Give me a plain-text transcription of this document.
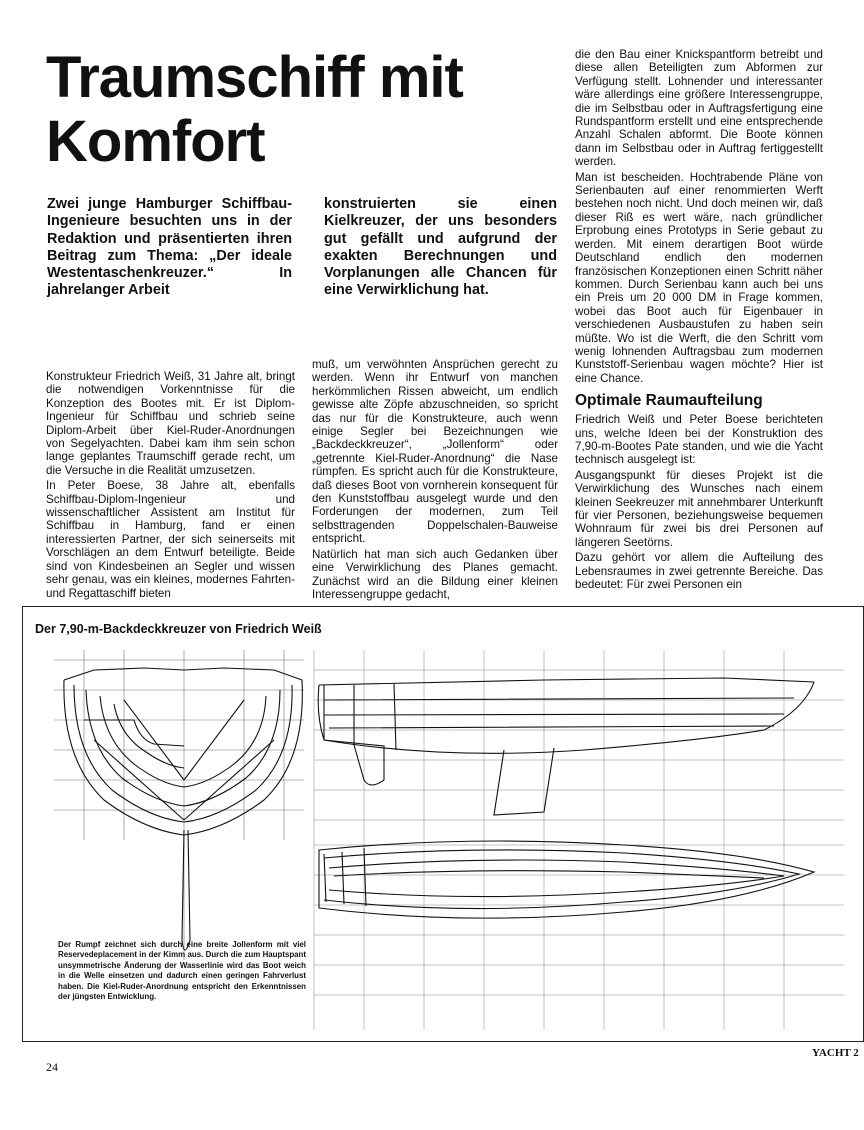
Traumschiff mit
Komfort

Zwei junge Hamburger Schiffbau-Ingenieure besuchten uns in der Redaktion und präsentierten ihren Beitrag zum Thema: „Der ideale Westentaschenkreuzer.“ In jahrelanger Arbeit

konstruierten sie einen Kielkreuzer, der uns besonders gut gefällt und aufgrund der exakten Berechnungen und Vorplanungen alle Chancen für eine Verwirklichung hat.

Konstrukteur Friedrich Weiß, 31 Jahre alt, bringt die notwendigen Vorkenntnisse für die Konzeption des Bootes mit. Er ist Diplom-Ingenieur für Schiffbau und schrieb seine Diplom-Arbeit über Kiel-Ruder-Anordnungen von Segelyachten. Dabei kam ihm sein schon lange geplantes Traumschiff gerade recht, um die Versuche in die Realität umzusetzen.

In Peter Boese, 38 Jahre alt, ebenfalls Schiffbau-Diplom-Ingenieur und wissenschaftlicher Assistent am Institut für Schiffbau in Hamburg, fand er einen interessierten Partner, der sich seinerseits mit Vorschlägen an dem Entwurf beteiligte. Beide sind von Kindesbeinen an Segler und wissen sehr genau, was ein kleines, modernes Fahrten- und Regattaschiff bieten

muß, um verwöhnten Ansprüchen gerecht zu werden. Wenn ihr Entwurf von manchen herkömmlichen Rissen abweicht, um endlich gewisse alte Zöpfe abzuschneiden, so spricht das nur für die Konstrukteure, auch wenn einige Segler bei Bezeichnungen wie „Backdeckkreuzer“, „Jollenform“ oder „getrennte Kiel-Ruder-Anordnung“ die Nase rümpfen. Es spricht auch für die Konstrukteure, daß dieses Boot von vornherein konsequent für den Kunststoffbau ausgelegt wurde und den Forderungen der modernen, zum Teil selbsttragenden Doppelschalen-Bauweise entspricht.

Natürlich hat man sich auch Gedanken über eine Verwirklichung des Planes gemacht. Zunächst wird an die Bildung einer kleinen Interessengruppe gedacht,

die den Bau einer Knickspantform betreibt und diese allen Beteiligten zum Abformen zur Verfügung stellt. Lohnender und interessanter wäre allerdings eine größere Interessengruppe, die im Selbstbau oder in Auftragsfertigung eine Rundspantform erstellt und eine entsprechende Anzahl Schalen abformt. Die Boote können dann im Selbstbau oder in Auftrag fertiggestellt werden.

Man ist bescheiden. Hochtrabende Pläne von Serienbauten auf einer renommierten Werft bestehen noch nicht. Und doch meinen wir, daß dieser Riß es wert wäre, nach gründlicher Erprobung eines Prototyps in Serie gebaut zu werden. Mit einem derartigen Boot würde Deutschland endlich den modernen französischen Konzeptionen einen Schritt näher kommen. Durch Serienbau kann auch bei uns ein Preis um 20 000 DM in Frage kommen, wobei das Boot auch für Eigenbauer in verschiedenen Ausbaustufen zu haben sein müßte. Wo ist die Werft, die den Schritt vom wenig lohnenden Auftragsbau zum modernen Kunststoff-Serienbau wagen möchte? Hier ist eine Chance.

Optimale Raumaufteilung

Friedrich Weiß und Peter Boese berichteten uns, welche Ideen bei der Konstruktion des 7,90-m-Bootes Pate standen, und wie die Yacht technisch ausgelegt ist:

Ausgangspunkt für dieses Projekt ist die Verwirklichung des Wunsches nach einem kleinen Seekreuzer mit annehmbarer Unterkunft für vier Personen, beziehungsweise bequemen Wohnraum für zwei bis drei Personen auf längeren Seetörns.

Dazu gehört vor allem die Aufteilung des Lebensraumes in zwei getrennte Bereiche. Das bedeutet: Für zwei Personen ein

Der 7,90-m-Backdeckkreuzer von Friedrich Weiß

Der Rumpf zeichnet sich durch eine breite Jollenform mit viel Reservedeplacement in der Kimm aus. Durch die zum Hauptspant unsymmetrische Änderung der Wasserlinie wird das Boot weich in die Welle einsetzen und dadurch einen geringen Fahrverlust haben. Die Kiel-Ruder-Anordnung entspricht den Erkenntnissen der jüngsten Entwicklung.

24
YACHT 2
